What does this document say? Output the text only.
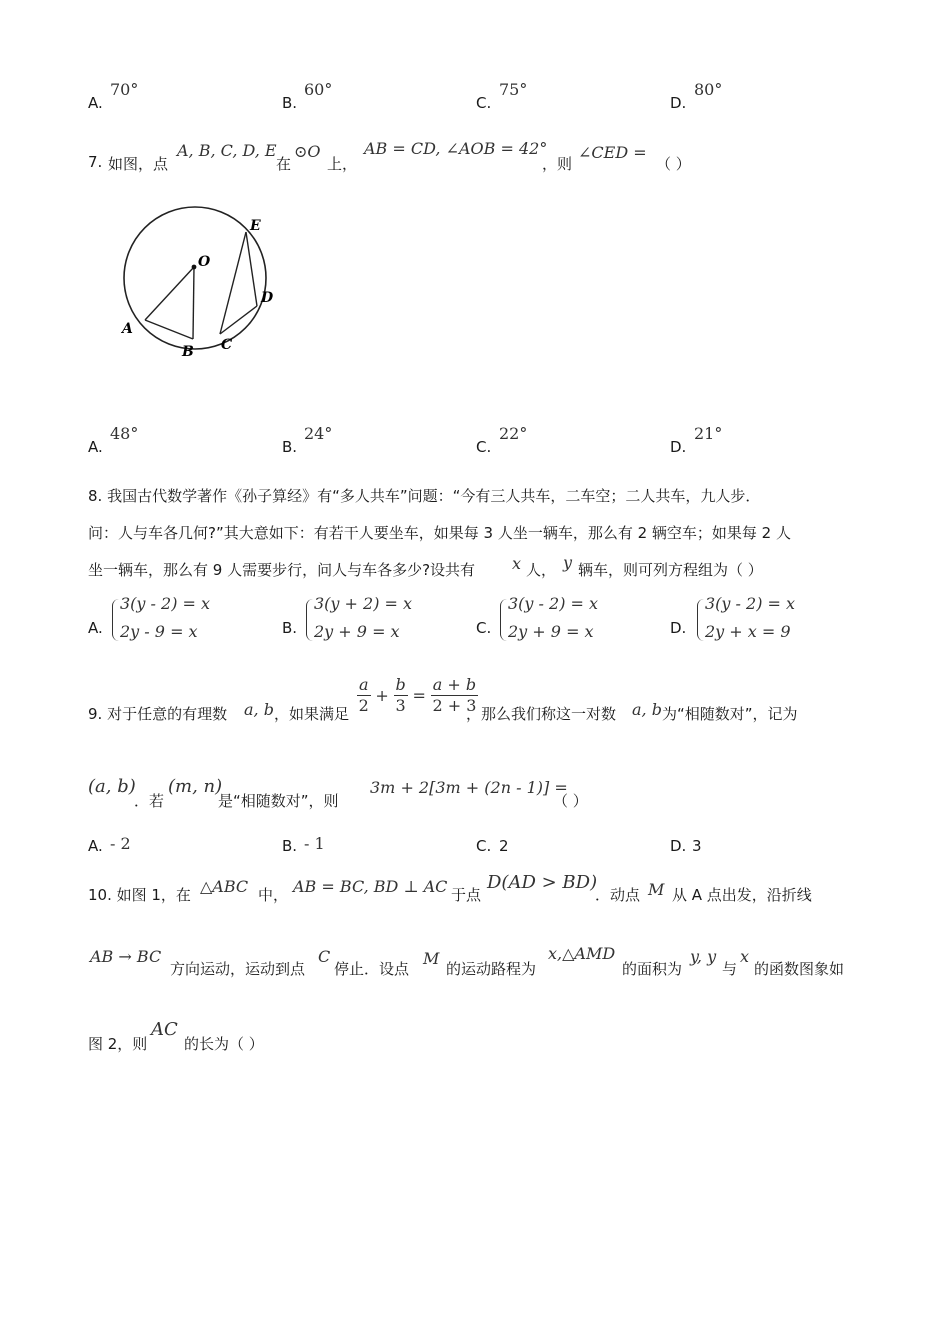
A.
70°
B.
60°
C.
75°
D.
80°
7. 如图，点
A, B, C, D, E
在
⊙O
上，
AB = CD, ∠AOB = 42°
，则
∠CED =
（ ）
O
A
B C
D
E
A.
48°
B.
24°
C.
22°
D.
21°
8. 我国古代数学著作《孙子算经》有“多人共车”问题：“今有三人共车，二车空；二人共车，九人步．
问：人与车各几何?”其大意如下：有若干人要坐车，如果每 3 人坐一辆车，那么有 2 辆空车；如果每 2 人
坐一辆车，那么有 9 人需要步行，问人与车各多少?设共有 x 人， y 辆车，则可列方程组为（ ）
A.
3(y - 2) = x
2y - 9 = x	B.
3(y + 2) = x
2y + 9 = x	C.
3(y - 2) = x
2y + 9 = x	D.
3(y - 2) = x
2y + x = 9
9. 对于任意的有理数 a, b ，如果满足 $\frac{a}{2} + \frac{b}{3} = \frac{a + b}{2 + 3}$
，那么我们称这一对数 a, b 为“相随数对”，记为
(a, b)
．若
(m, n)
是“相随数对”，则
3m + 2[3m + (2n - 1)] =
（ ）
A. - 2	B. - 1	C. 2	D. 3
10. 如图 1，在 △ABC 中， AB = BC, BD ⊥ AC 于点
D(AD > BD)
．动点 M 从 A 点出发，沿折线
AB → BC
方向运动，运动到点
C
停止．设点
M
的运动路程为
x,△AMD
的面积为
y, y
与
x
的函数图象如
图 2，则
AC
的长为（ ）
